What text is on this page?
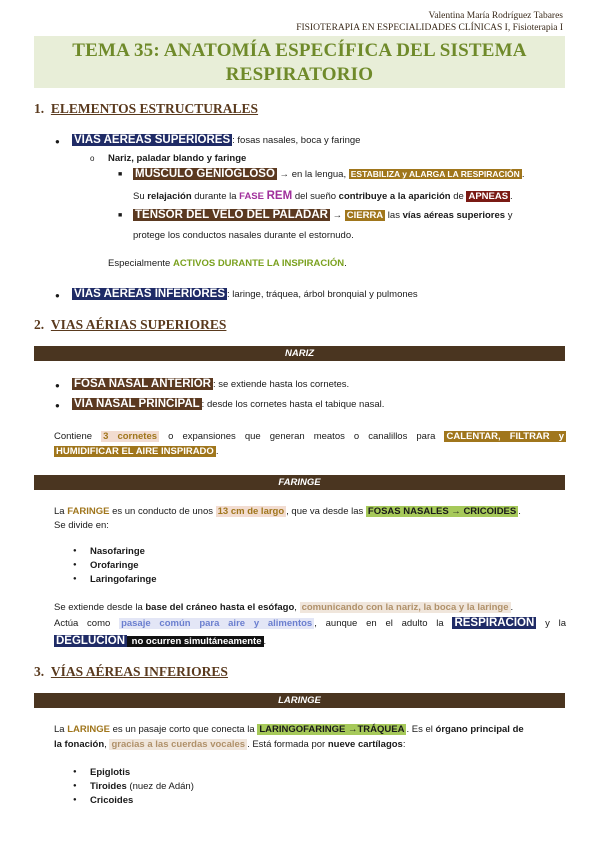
Valentina María Rodríguez Tabares
FISIOTERAPIA EN ESPECIALIDADES CLÍNICAS I, Fisioterapia I
TEMA 35: ANATOMÍA ESPECÍFICA DEL SISTEMA
RESPIRATORIO
1. ELEMENTOS ESTRUCTURALES
● VÍAS AÉREAS SUPERIORES : fosas nasales, boca y faringe
o Nariz, paladar blando y faringe
■ MÚSCULO GENIOGLOSO → en la lengua, ESTABILIZA y ALARGA LA RESPIRACIÓN .
Su relajación durante la FASE REM del sueño contribuye a la aparición de APNEAS .
■ TENSOR DEL VELO DEL PALADAR → CIERRA las vías aéreas superiores y
protege los conductos nasales durante el estornudo.
Especialmente ACTIVOS DURANTE LA INSPIRACIÓN.
● VÍAS AÉREAS INFERIORES : laringe, tráquea, árbol bronquial y pulmones
2. VIAS AÉRIAS SUPERIORES
NARIZ
● FOSA NASAL ANTERIOR : se extiende hasta los cornetes.
● VÍA NASAL PRINCIPAL : desde los cornetes hasta el tabique nasal.
Contiene 3 cornetes o expansiones que generan meatos o canalillos para CALENTAR, FILTRAR y
HUMIDIFICAR EL AIRE INSPIRADO .
FARINGE
La FARINGE es un conducto de unos 13 cm de largo , que va desde las FOSAS NASALES → CRICOIDES .
Se divide en:
● Nasofaringe
● Orofaringe
● Laringofaringe
Se extiende desde la base del cráneo hasta el esófago, comunicando con la nariz, la boca y la laringe .
Actúa como pasaje común para aire y alimentos , aunque en el adulto la RESPIRACIÓN y la
DEGLUCIÓN no ocurren simultáneamente .
3. VÍAS AÉREAS INFERIORES
LARINGE
La LARINGE es un pasaje corto que conecta la LARINGOFARINGE →TRÁQUEA . Es el órgano principal de
la fonación, gracias a las cuerdas vocales . Está formada por nueve cartílagos:
● Epiglotis
● Tiroides (nuez de Adán)
● Cricoides
